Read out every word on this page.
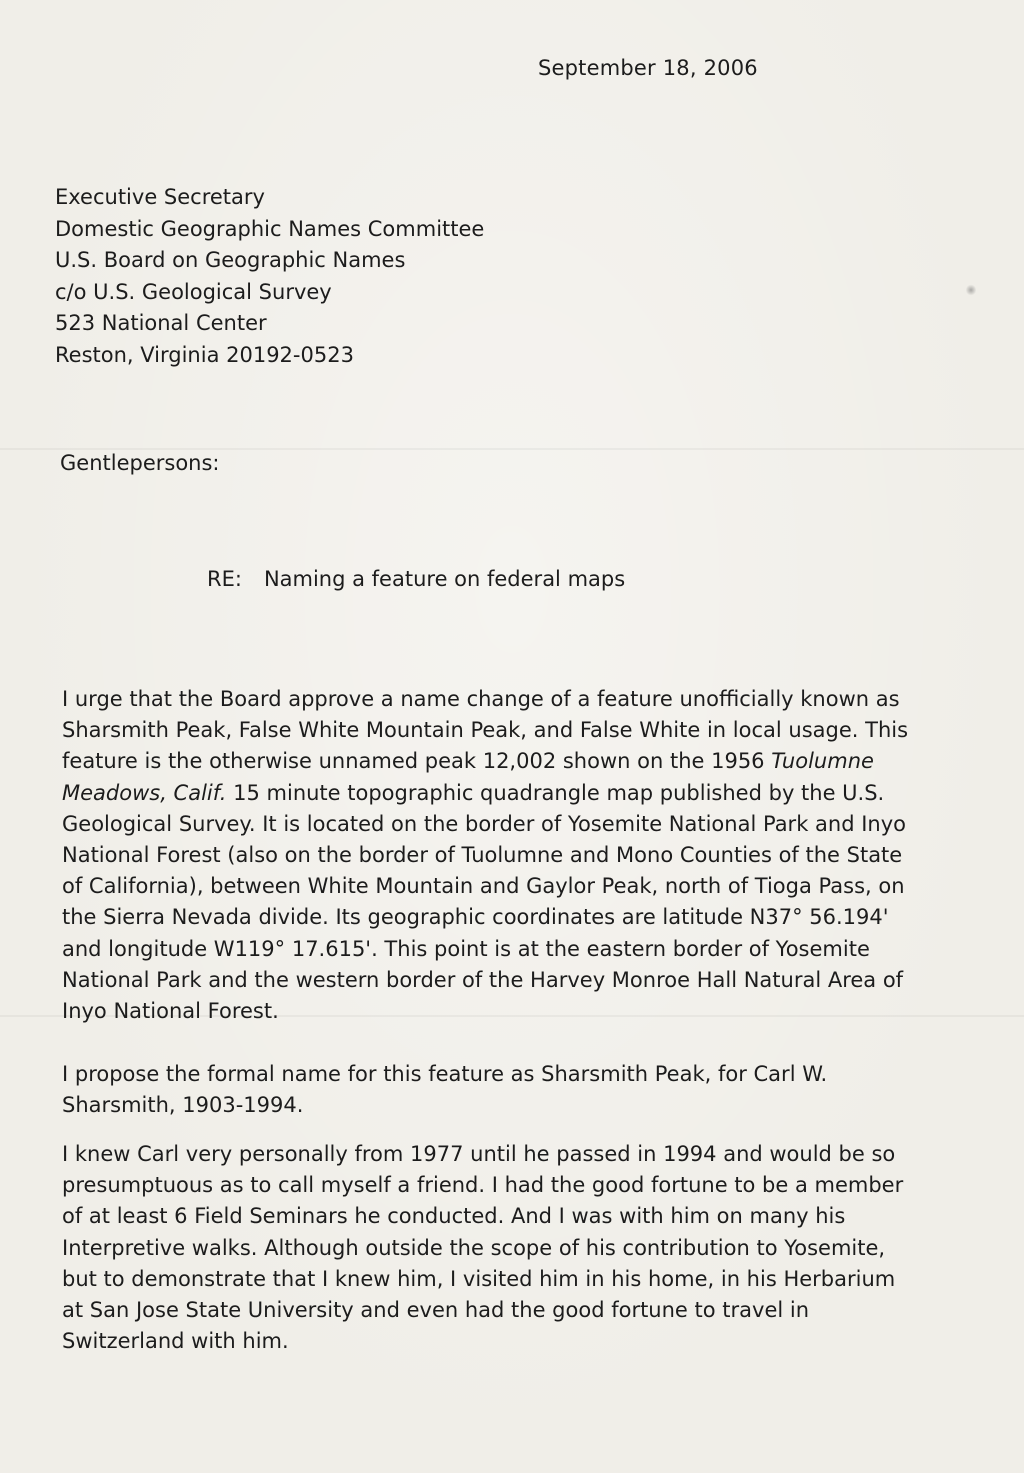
September 18, 2006
Executive Secretary
Domestic Geographic Names Committee
U.S. Board on Geographic Names
c/o U.S. Geological Survey
523 National Center
Reston, Virginia 20192-0523
Gentlepersons:
RE: Naming a feature on federal maps

I urge that the Board approve a name change of a feature unofficially known as
Sharsmith Peak, False White Mountain Peak, and False White in local usage. This
feature is the otherwise unnamed peak 12,002 shown on the 1956 Tuolumne
Meadows, Calif. 15 minute topographic quadrangle map published by the U.S.
Geological Survey. It is located on the border of Yosemite National Park and Inyo
National Forest (also on the border of Tuolumne and Mono Counties of the State
of California), between White Mountain and Gaylor Peak, north of Tioga Pass, on
the Sierra Nevada divide. Its geographic coordinates are latitude N37° 56.194'
and longitude W119° 17.615'. This point is at the eastern border of Yosemite
National Park and the western border of the Harvey Monroe Hall Natural Area of
Inyo National Forest.

I propose the formal name for this feature as Sharsmith Peak, for Carl W.
Sharsmith, 1903-1994.

I knew Carl very personally from 1977 until he passed in 1994 and would be so
presumptuous as to call myself a friend. I had the good fortune to be a member
of at least 6 Field Seminars he conducted. And I was with him on many his
Interpretive walks. Although outside the scope of his contribution to Yosemite,
but to demonstrate that I knew him, I visited him in his home, in his Herbarium
at San Jose State University and even had the good fortune to travel in
Switzerland with him.
